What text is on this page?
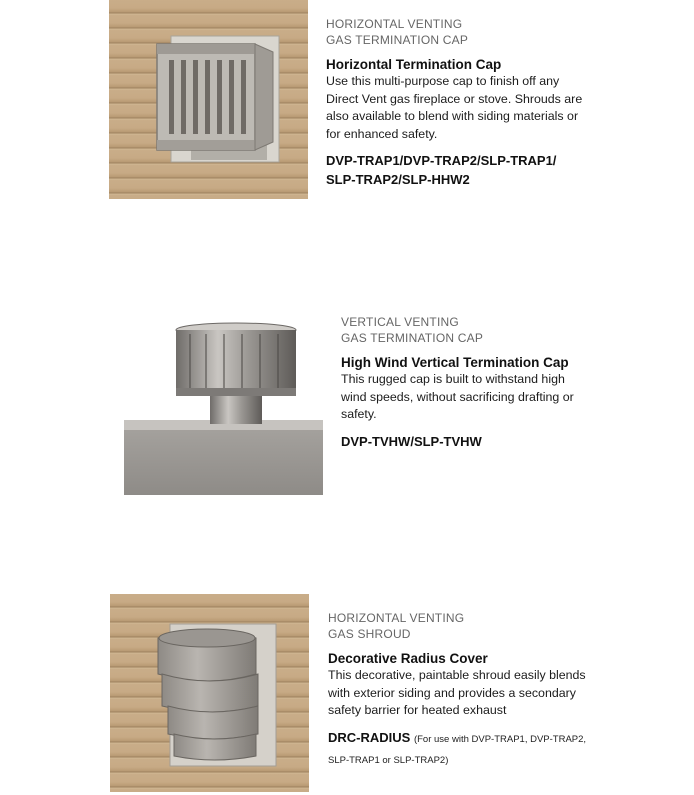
HORIZONTAL VENTING
GAS TERMINATION CAP
Horizontal Termination Cap
Use this multi-purpose cap to finish off any Direct Vent gas fireplace or stove. Shrouds are also available to blend with siding materials or for enhanced safety.
DVP-TRAP1/DVP-TRAP2/SLP-TRAP1/
SLP-TRAP2/SLP-HHW2
VERTICAL VENTING
GAS TERMINATION CAP
High Wind Vertical Termination Cap
This rugged cap is built to withstand high wind speeds, without sacrificing drafting or safety.
DVP-TVHW/SLP-TVHW
HORIZONTAL VENTING
GAS SHROUD
Decorative Radius Cover
This decorative, paintable shroud easily blends with exterior siding and provides a secondary safety barrier for heated exhaust
DRC-RADIUS (For use with DVP-TRAP1, DVP-TRAP2, SLP-TRAP1 or SLP-TRAP2)
